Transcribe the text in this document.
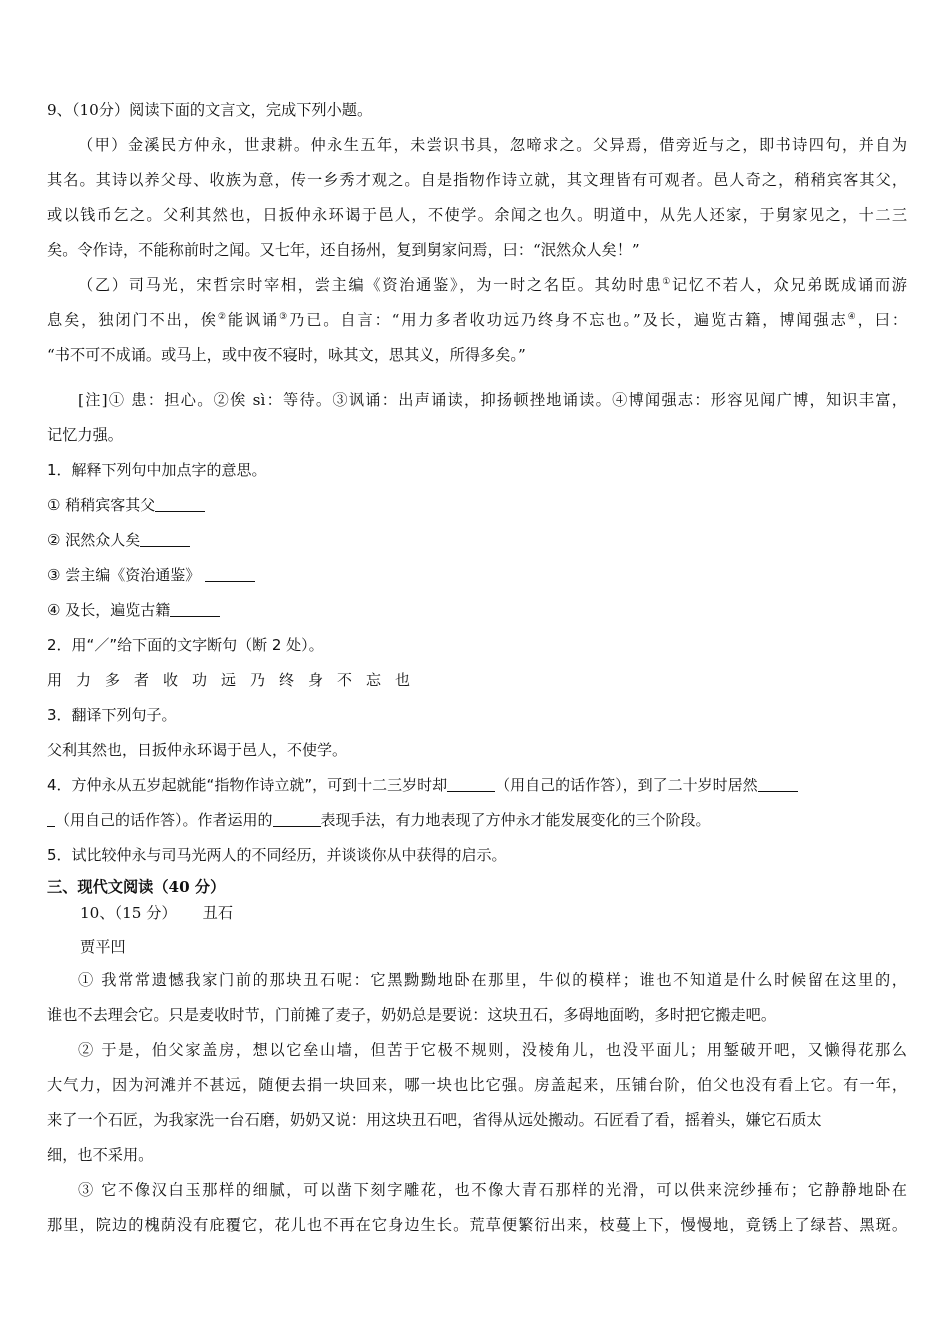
9、（10分）阅读下面的文言文，完成下列小题。
（甲）金溪民方仲永，世隶耕。仲永生五年，未尝识书具，忽啼求之。父异焉，借旁近与之，即书诗四句，并自为
其名。其诗以养父母、收族为意，传一乡秀才观之。自是指物作诗立就，其文理皆有可观者。邑人奇之，稍稍宾客其父，
或以钱币乞之。父利其然也，日扳仲永环谒于邑人，不使学。余闻之也久。明道中，从先人还家，于舅家见之，十二三
矣。令作诗，不能称前时之闻。又七年，还自扬州，复到舅家问焉，曰：“泯然众人矣！”
（乙）司马光，宋哲宗时宰相，尝主编《资治通鉴》，为一时之名臣。其幼时患①记忆不若人，众兄弟既成诵而游
息矣，独闭门不出，俟②能讽诵③乃已。自言：“用力多者收功远乃终身不忘也。”及长，遍览古籍，博闻强志④，曰：
“书不可不成诵。或马上，或中夜不寝时，咏其文，思其义，所得多矣。”
[注]① 患：担心。②俟 sì：等待。③讽诵：出声诵读，抑扬顿挫地诵读。④博闻强志：形容见闻广博，知识丰富，
记忆力强。
1．解释下列句中加点字的意思。
① 稍稍宾客其父
② 泯然众人矣
③ 尝主编《资治通鉴》
④ 及长，遍览古籍
2．用“／”给下面的文字断句（断 2 处）。
用力多者收功远乃终身不忘也
3．翻译下列句子。
父利其然也，日扳仲永环谒于邑人，不使学。
4．方仲永从五岁起就能“指物作诗立就”，可到十二三岁时却	（用自己的话作答），到了二十岁时居然
（用自己的话作答）。作者运用的	表现手法，有力地表现了方仲永才能发展变化的三个阶段。
5．试比较仲永与司马光两人的不同经历，并谈谈你从中获得的启示。
三、现代文阅读（40 分）
10、（15 分） 丑石
贾平凹
① 我常常遗憾我家门前的那块丑石呢：它黑黝黝地卧在那里，牛似的模样；谁也不知道是什么时候留在这里的，
谁也不去理会它。只是麦收时节，门前摊了麦子，奶奶总是要说：这块丑石，多碍地面哟，多时把它搬走吧。
② 于是，伯父家盖房，想以它垒山墙，但苦于它极不规则，没棱角儿，也没平面儿；用錾破开吧，又懒得花那么
大气力，因为河滩并不甚远，随便去捐一块回来，哪一块也比它强。房盖起来，压铺台阶，伯父也没有看上它。有一年，
来了一个石匠，为我家洗一台石磨，奶奶又说：用这块丑石吧，省得从远处搬动。石匠看了看，摇着头，嫌它石质太
细，也不采用。
③ 它不像汉白玉那样的细腻，可以凿下刻字雕花，也不像大青石那样的光滑，可以供来浣纱捶布；它静静地卧在
那里，院边的槐荫没有庇覆它，花儿也不再在它身边生长。荒草便繁衍出来，枝蔓上下，慢慢地，竟锈上了绿苔、黑斑。
